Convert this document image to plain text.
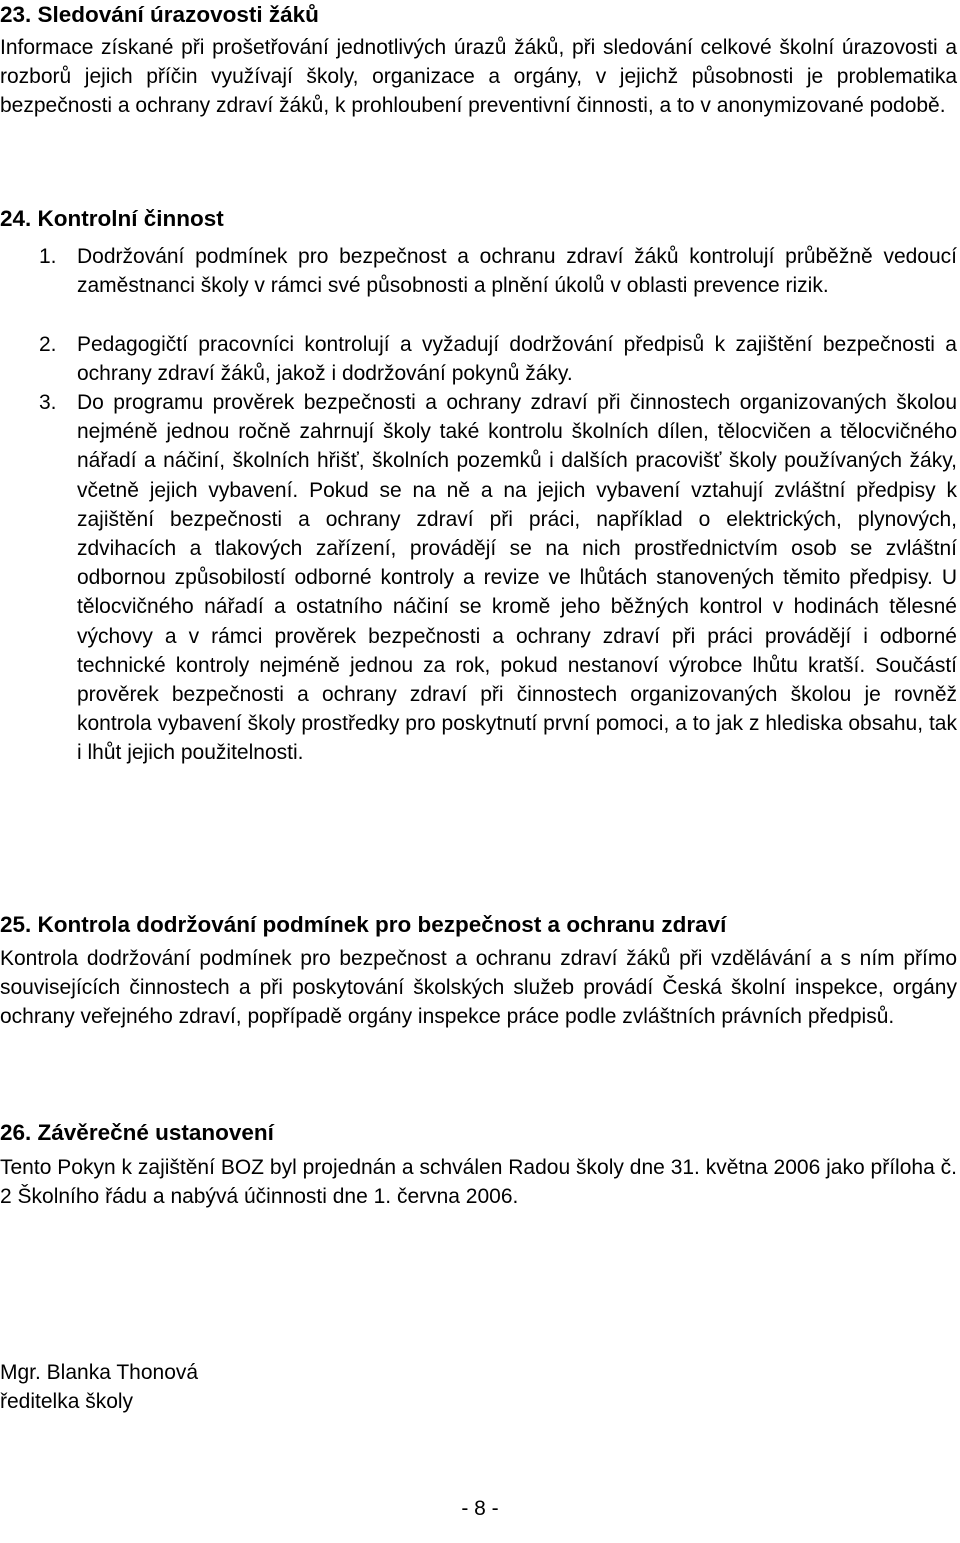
23. Sledování úrazovosti žáků

Informace získané při prošetřování jednotlivých úrazů žáků, při sledování celkové školní úrazovosti a rozborů jejich příčin využívají školy, organizace a orgány, v jejichž působnosti je problematika bezpečnosti a ochrany zdraví žáků, k prohloubení preventivní činnosti, a to v anonymizované podobě.

24. Kontrolní činnost
1. Dodržování podmínek pro bezpečnost a ochranu zdraví žáků kontrolují průběžně vedoucí zaměstnanci školy v rámci své působnosti a plnění úkolů v oblasti prevence rizik.
2. Pedagogičtí pracovníci kontrolují a vyžadují dodržování předpisů k zajištění bezpečnosti a ochrany zdraví žáků, jakož i dodržování pokynů žáky.
3. Do programu prověrek bezpečnosti a ochrany zdraví při činnostech organizovaných školou nejméně jednou ročně zahrnují školy také kontrolu školních dílen, tělocvičen a tělocvičného nářadí a náčiní, školních hřišť, školních pozemků i dalších pracovišť školy používaných žáky, včetně jejich vybavení. Pokud se na ně a na jejich vybavení vztahují zvláštní předpisy k zajištění bezpečnosti a ochrany zdraví při práci, například o elektrických, plynových, zdvihacích a tlakových zařízení, provádějí se na nich prostřednictvím osob se zvláštní odbornou způsobilostí odborné kontroly a revize ve lhůtách stanovených těmito předpisy. U tělocvičného nářadí a ostatního náčiní se kromě jeho běžných kontrol v hodinách tělesné výchovy a v rámci prověrek bezpečnosti a ochrany zdraví při práci provádějí i odborné technické kontroly nejméně jednou za rok, pokud nestanoví výrobce lhůtu kratší. Součástí prověrek bezpečnosti a ochrany zdraví při činnostech organizovaných školou je rovněž kontrola vybavení školy prostředky pro poskytnutí první pomoci, a to jak z hlediska obsahu, tak i lhůt jejich použitelnosti.
25. Kontrola dodržování podmínek pro bezpečnost a ochranu zdraví

Kontrola dodržování podmínek pro bezpečnost a ochranu zdraví žáků při vzdělávání a s ním přímo souvisejících činnostech a při poskytování školských služeb provádí Česká školní inspekce, orgány ochrany veřejného zdraví, popřípadě orgány inspekce práce podle zvláštních právních předpisů.

26. Závěrečné ustanovení

Tento Pokyn k zajištění BOZ byl projednán a schválen Radou školy dne 31. května 2006 jako příloha č. 2 Školního řádu a nabývá účinnosti dne 1. června 2006.

Mgr. Blanka Thonová
ředitelka školy
- 8 -
